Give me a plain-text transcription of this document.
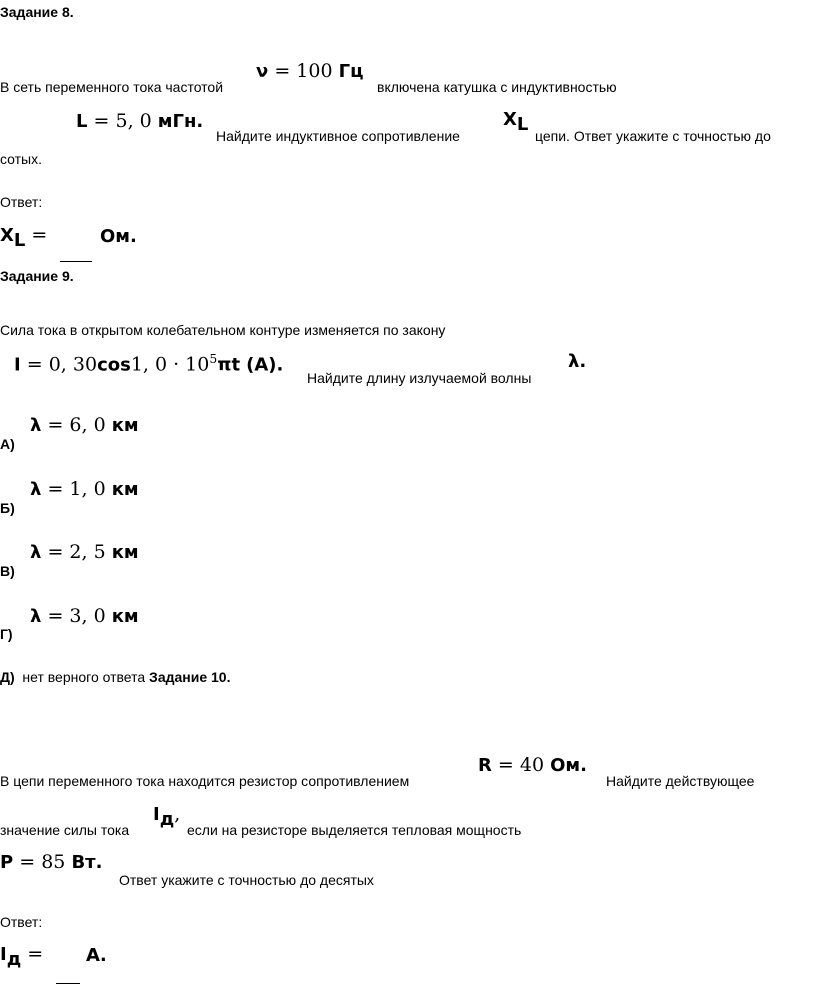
Задание 8.
В сеть переменного тока частотой
ν = 100 Гц
включена катушка с индуктивностью
L = 5, 0 мГн.
Найдите индуктивное сопротивление
$X_L$
цепи. Ответ укажите с точностью до
сотых.
Ответ:
$X_L$ =	Ом.
Задание 9.
Сила тока в открытом колебательном контуре изменяется по закону
I = 0, 30cos1, $0 \cdot 10^5\pi t$ (A).
Найдите длину излучаемой волны
λ.
λ = 6, 0 км
А)
λ = 1, 0 км
Б)
λ = 2, 5 км
В)
λ = 3, 0 км
Г)
Д) нет верного ответа Задание 10.
R = 40 Ом.
В цепи переменного тока находится резистор сопротивлением	Найдите действующее
значение силы тока
$I_д$,
если на резисторе выделяется тепловая мощность
P = 85 Вт.
Ответ укажите с точностью до десятых
Ответ:
$I_д = А$.
